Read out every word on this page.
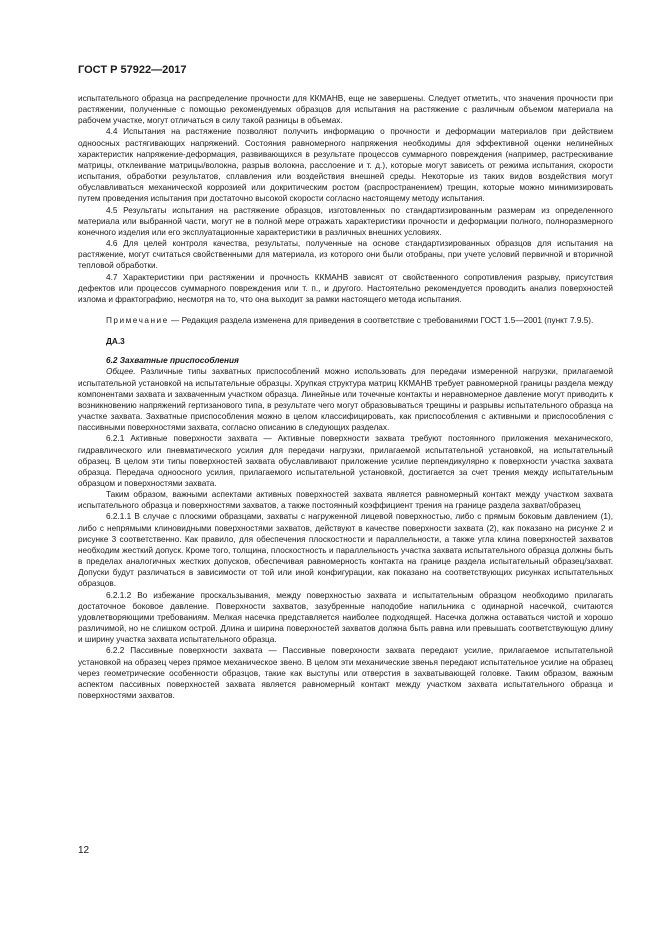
ГОСТ Р 57922—2017

испытательного образца на распределение прочности для ККМАНВ, еще не завершены. Следует отметить, что значения прочности при растяжении, полученные с помощью рекомендуемых образцов для испытания на растяжение с различным объемом материала на рабочем участке, могут отличаться в силу такой разницы в объемах.

4.4 Испытания на растяжение позволяют получить информацию о прочности и деформации материалов при действием одноосных растягивающих напряжений. Состояния равномерного напряжения необходимы для эффективной оценки нелинейных характеристик напряжение-деформация, развивающихся в результате процессов суммарного повреждения (например, растрескивание матрицы, отклеивание матрицы/волокна, разрыв волокна, расслоение и т. д.), которые могут зависеть от режима испытания, скорости испытания, обработки результатов, сплавления или воздействия внешней среды. Некоторые из таких видов воздействия могут обуславливаться механической коррозией или докритическим ростом (распространением) трещин, которые можно минимизировать путем проведения испытания при достаточно высокой скорости согласно настоящему методу испытания.

4.5 Результаты испытания на растяжение образцов, изготовленных по стандартизированным размерам из определенного материала или выбранной части, могут не в полной мере отражать характеристики прочности и деформации полного, полноразмерного конечного изделия или его эксплуатационные характеристики в различных внешних условиях.

4.6 Для целей контроля качества, результаты, полученные на основе стандартизированных образцов для испытания на растяжение, могут считаться свойственными для материала, из которого они были отобраны, при учете условий первичной и вторичной тепловой обработки.

4.7 Характеристики при растяжении и прочность ККМАНВ зависят от свойственного сопротивления разрыву, присутствия дефектов или процессов суммарного повреждения или т. п., и другого. Настоятельно рекомендуется проводить анализ поверхностей излома и фрактографию, несмотря на то, что она выходит за рамки настоящего метода испытания.

Примечание — Редакция раздела изменена для приведения в соответствие с требованиями ГОСТ 1.5—2001 (пункт 7.9.5).

ДА.3

6.2 Захватные приспособления

Общее. Различные типы захватных приспособлений можно использовать для передачи измеренной нагрузки, прилагаемой испытательной установкой на испытательные образцы. Хрупкая структура матриц ККМАНВ требует равномерной границы раздела между компонентами захвата и захваченным участком образца. Линейные или точечные контакты и неравномерное давление могут приводить к возникновению напряжений гертизанового типа, в результате чего могут образовываться трещины и разрывы испытательного образца на участке захвата. Захватные приспособления можно в целом классифицировать, как приспособления с активными и приспособления с пассивными поверхностями захвата, согласно описанию в следующих разделах.

6.2.1 Активные поверхности захвата — Активные поверхности захвата требуют постоянного приложения механического, гидравлического или пневматического усилия для передачи нагрузки, прилагаемой испытательной установкой, на испытательный образец. В целом эти типы поверхностей захвата обуславливают приложение усилие перпендикулярно к поверхности участка захвата образца. Передача одноосного усилия, прилагаемого испытательной установкой, достигается за счет трения между испытательным образцом и поверхностями захвата.

Таким образом, важными аспектами активных поверхностей захвата является равномерный контакт между участком захвата испытательного образца и поверхностями захватов, а также постоянный коэффициент трения на границе раздела захват/образец

6.2.1.1 В случае с плоскими образцами, захваты с нагруженной лицевой поверхностью, либо с прямым боковым давлением (1), либо с непрямыми клиновидными поверхностями захватов, действуют в качестве поверхности захвата (2), как показано на рисунке 2 и рисунке 3 соответственно. Как правило, для обеспечения плоскостности и параллельности, а также угла клина поверхностей захватов необходим жесткий допуск. Кроме того, толщина, плоскостность и параллельность участка захвата испытательного образца должны быть в пределах аналогичных жестких допусков, обеспечивая равномерность контакта на границе раздела испытательный образец/захват. Допуски будут различаться в зависимости от той или иной конфигурации, как показано на соответствующих рисунках испытательных образцов.

6.2.1.2 Во избежание проскальзывания, между поверхностью захвата и испытательным образцом необходимо прилагать достаточное боковое давление. Поверхности захватов, зазубренные наподобие напильника с одинарной насечкой, считаются удовлетворяющими требованиям. Мелкая насечка представляется наиболее подходящей. Насечка должна оставаться чистой и хорошо различимой, но не слишком острой. Длина и ширина поверхностей захватов должна быть равна или превышать соответствующую длину и ширину участка захвата испытательного образца.

6.2.2 Пассивные поверхности захвата — Пассивные поверхности захвата передают усилие, прилагаемое испытательной установкой на образец через прямое механическое звено. В целом эти механические звенья передают испытательное усилие на образец через геометрические особенности образцов, такие как выступы или отверстия в захватывающей головке. Таким образом, важным аспектом пассивных поверхностей захвата является равномерный контакт между участком захвата испытательного образца и поверхностями захватов.

12
